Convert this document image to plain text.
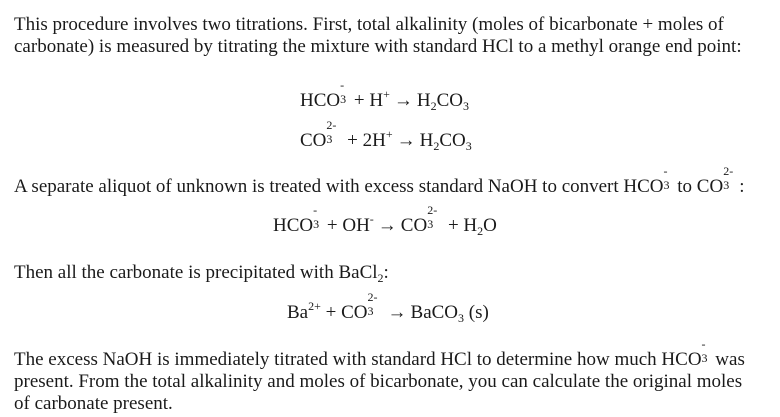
This procedure involves two titrations. First, total alkalinity (moles of bicarbonate + moles of
carbonate) is measured by titrating the mixture with standard HCl to a methyl orange end point:
HCO
-
$3 + H^+ \to H_2CO_3$
CO
2-
$3 + 2H^+ \to H_2CO_3$
A separate aliquot of unknown is treated with excess standard NaOH to convert HCO
-
3 to CO
2-
3 :
HCO
-
3 + OH- → CO
2-
$3 + H_2O$
Then all the carbonate is precipitated with BaCl$_2$:
$Ba^{2+}$ + CO
2-
3 → BaCO$_3$ (s)
The excess NaOH is immediately titrated with standard HCl to determine how much HCO
-
3 was
present. From the total alkalinity and moles of bicarbonate, you can calculate the original moles
of carbonate present.
